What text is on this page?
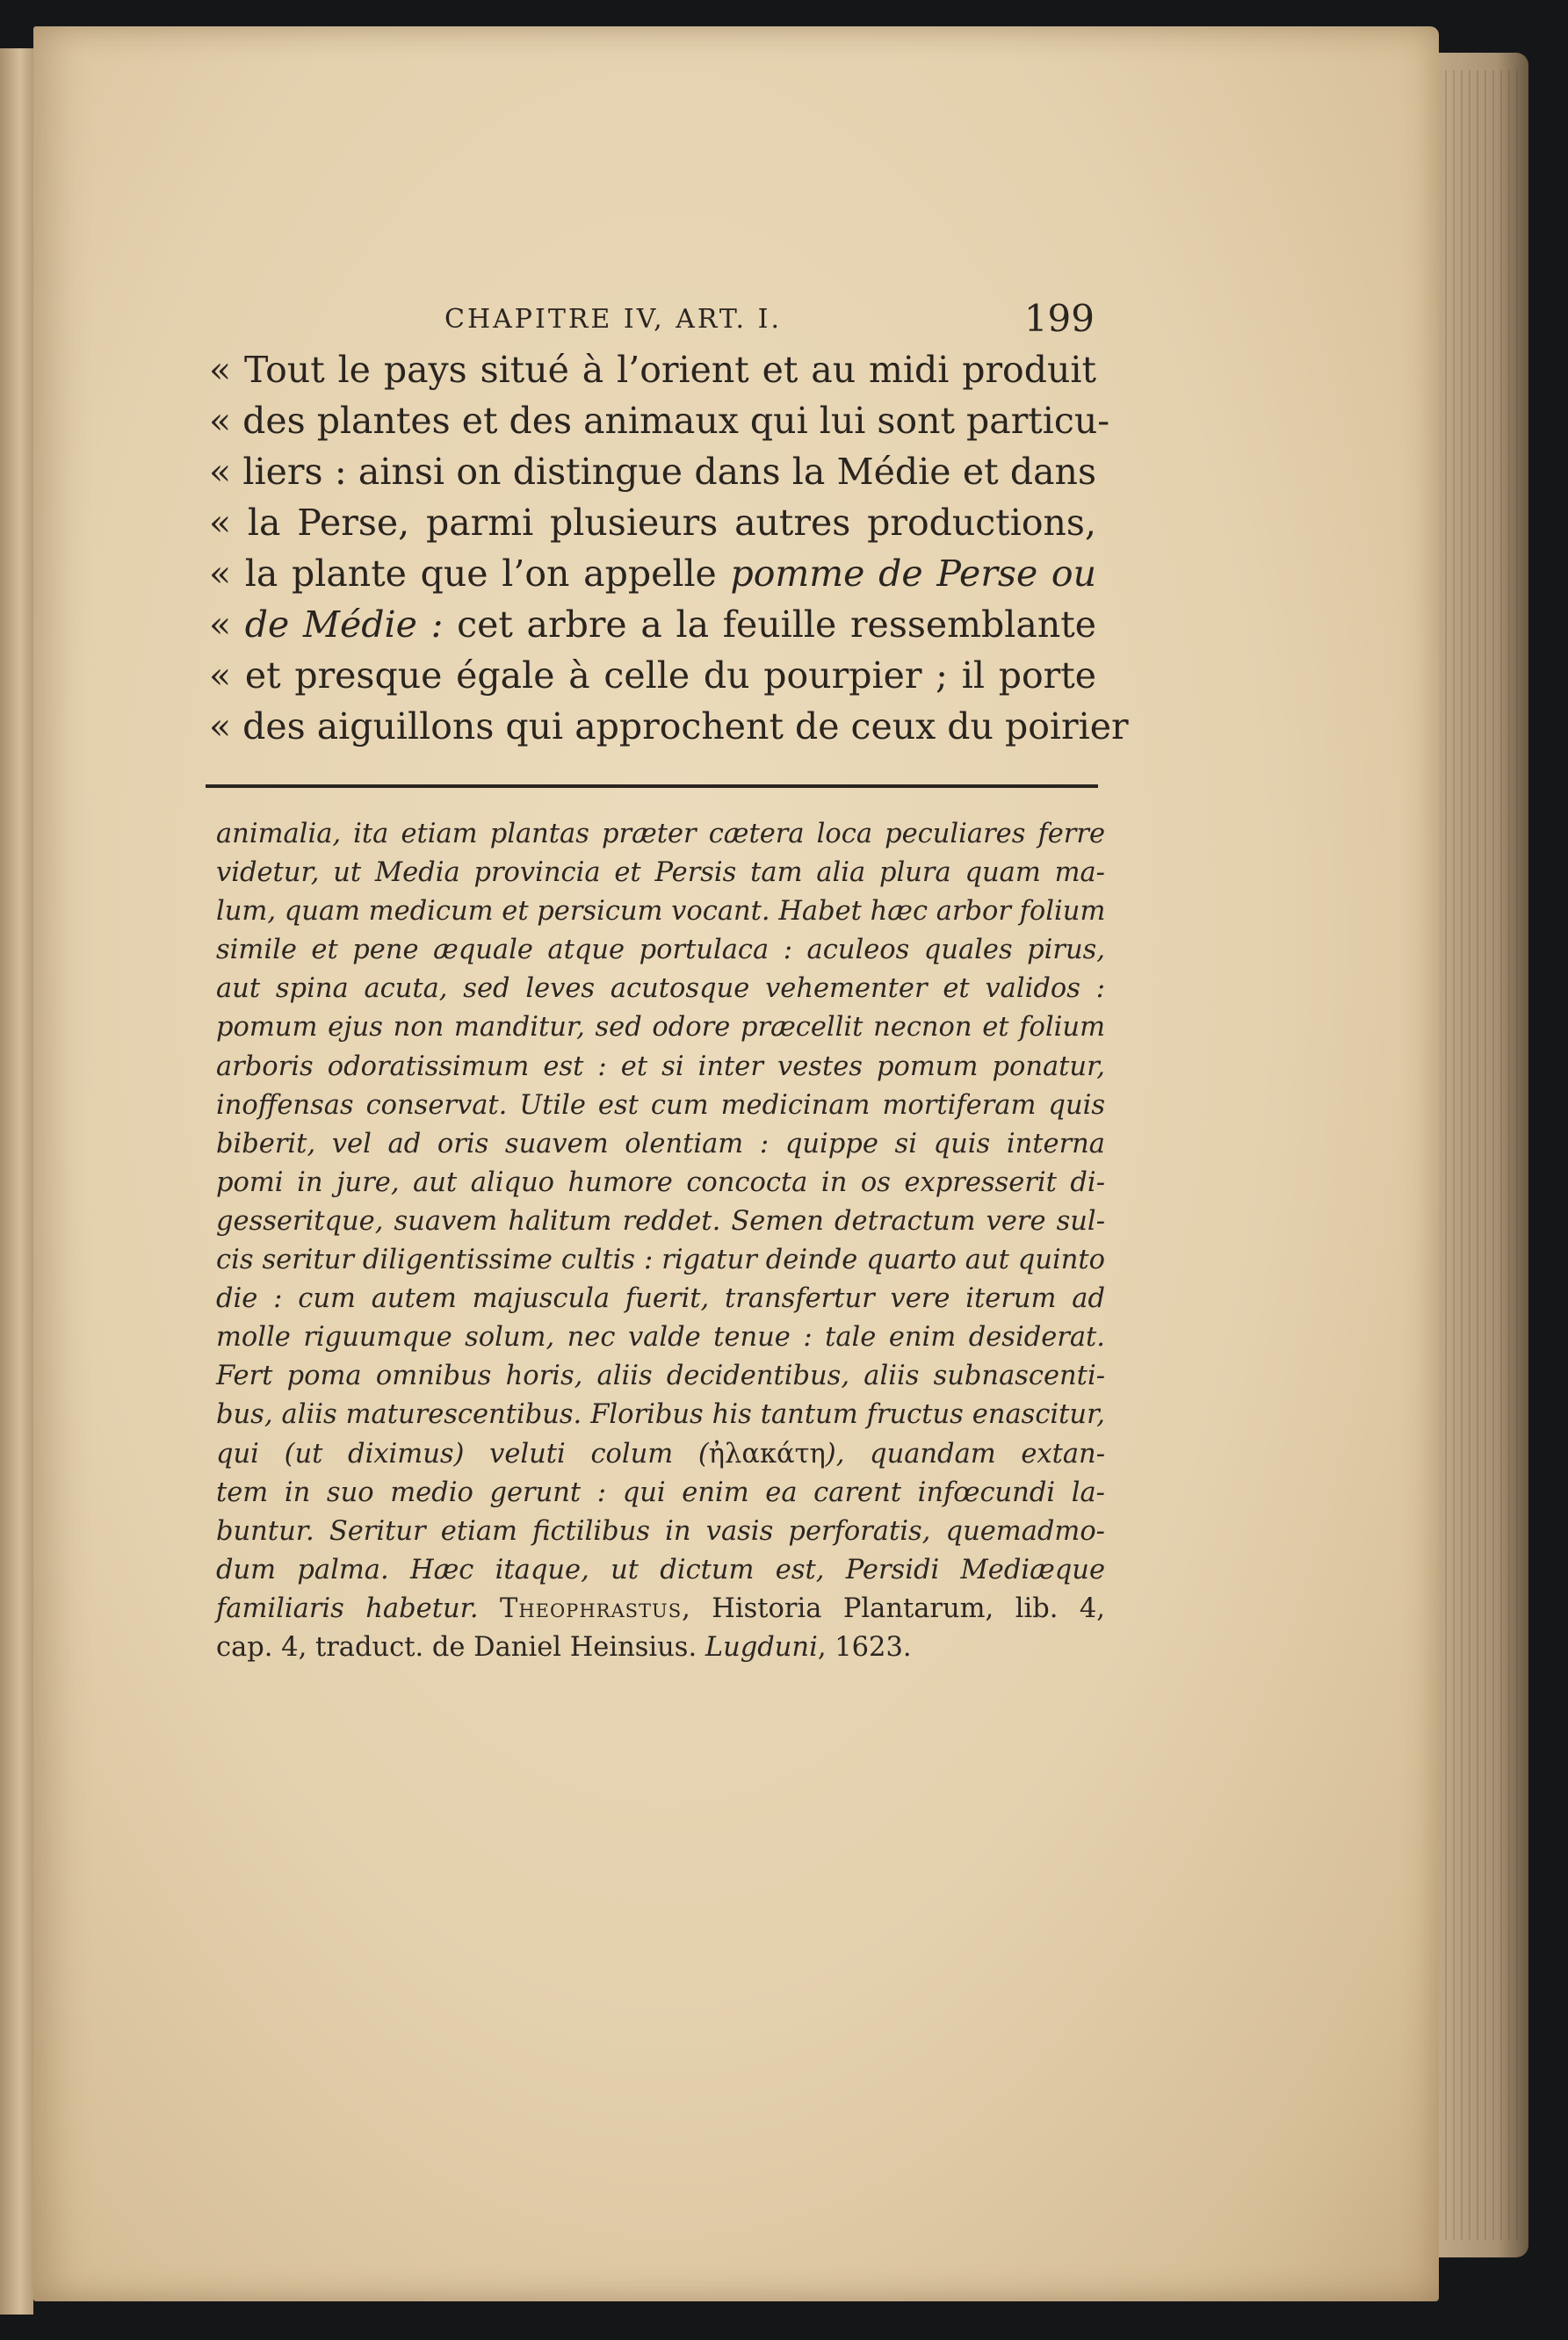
CHAPITRE IV, ART. I.	199
« Tout le pays situé à l’orient et au midi produit
« des plantes et des animaux qui lui sont particu-
« liers : ainsi on distingue dans la Médie et dans
« la Perse, parmi plusieurs autres productions,
« la plante que l’on appelle pomme de Perse ou
« de Médie : cet arbre a la feuille ressemblante
« et presque égale à celle du pourpier ; il porte
« des aiguillons qui approchent de ceux du poirier
animalia, ita etiam plantas præter cætera loca peculiares ferre
videtur, ut Media provincia et Persis tam alia plura quam ma-
lum, quam medicum et persicum vocant. Habet hæc arbor folium
simile et pene æquale atque portulaca : aculeos quales pirus,
aut spina acuta, sed leves acutosque vehementer et validos :
pomum ejus non manditur, sed odore præcellit necnon et folium
arboris odoratissimum est : et si inter vestes pomum ponatur,
inoffensas conservat. Utile est cum medicinam mortiferam quis
biberit, vel ad oris suavem olentiam : quippe si quis interna
pomi in jure, aut aliquo humore concocta in os expresserit di-
gesseritque, suavem halitum reddet. Semen detractum vere sul-
cis seritur diligentissime cultis : rigatur deinde quarto aut quinto
die : cum autem majuscula fuerit, transfertur vere iterum ad
molle riguumque solum, nec valde tenue : tale enim desiderat.
Fert poma omnibus horis, aliis decidentibus, aliis subnascenti-
bus, aliis maturescentibus. Floribus his tantum fructus enascitur,
qui (ut diximus) veluti colum (ἠλακάτη), quandam extan-
tem in suo medio gerunt : qui enim ea carent infœcundi la-
buntur. Seritur etiam fictilibus in vasis perforatis, quemadmo-
dum palma. Hæc itaque, ut dictum est, Persidi Mediæque
familiaris habetur. Theophrastus, Historia Plantarum, lib. 4,
cap. 4, traduct. de Daniel Heinsius. Lugduni, 1623.
